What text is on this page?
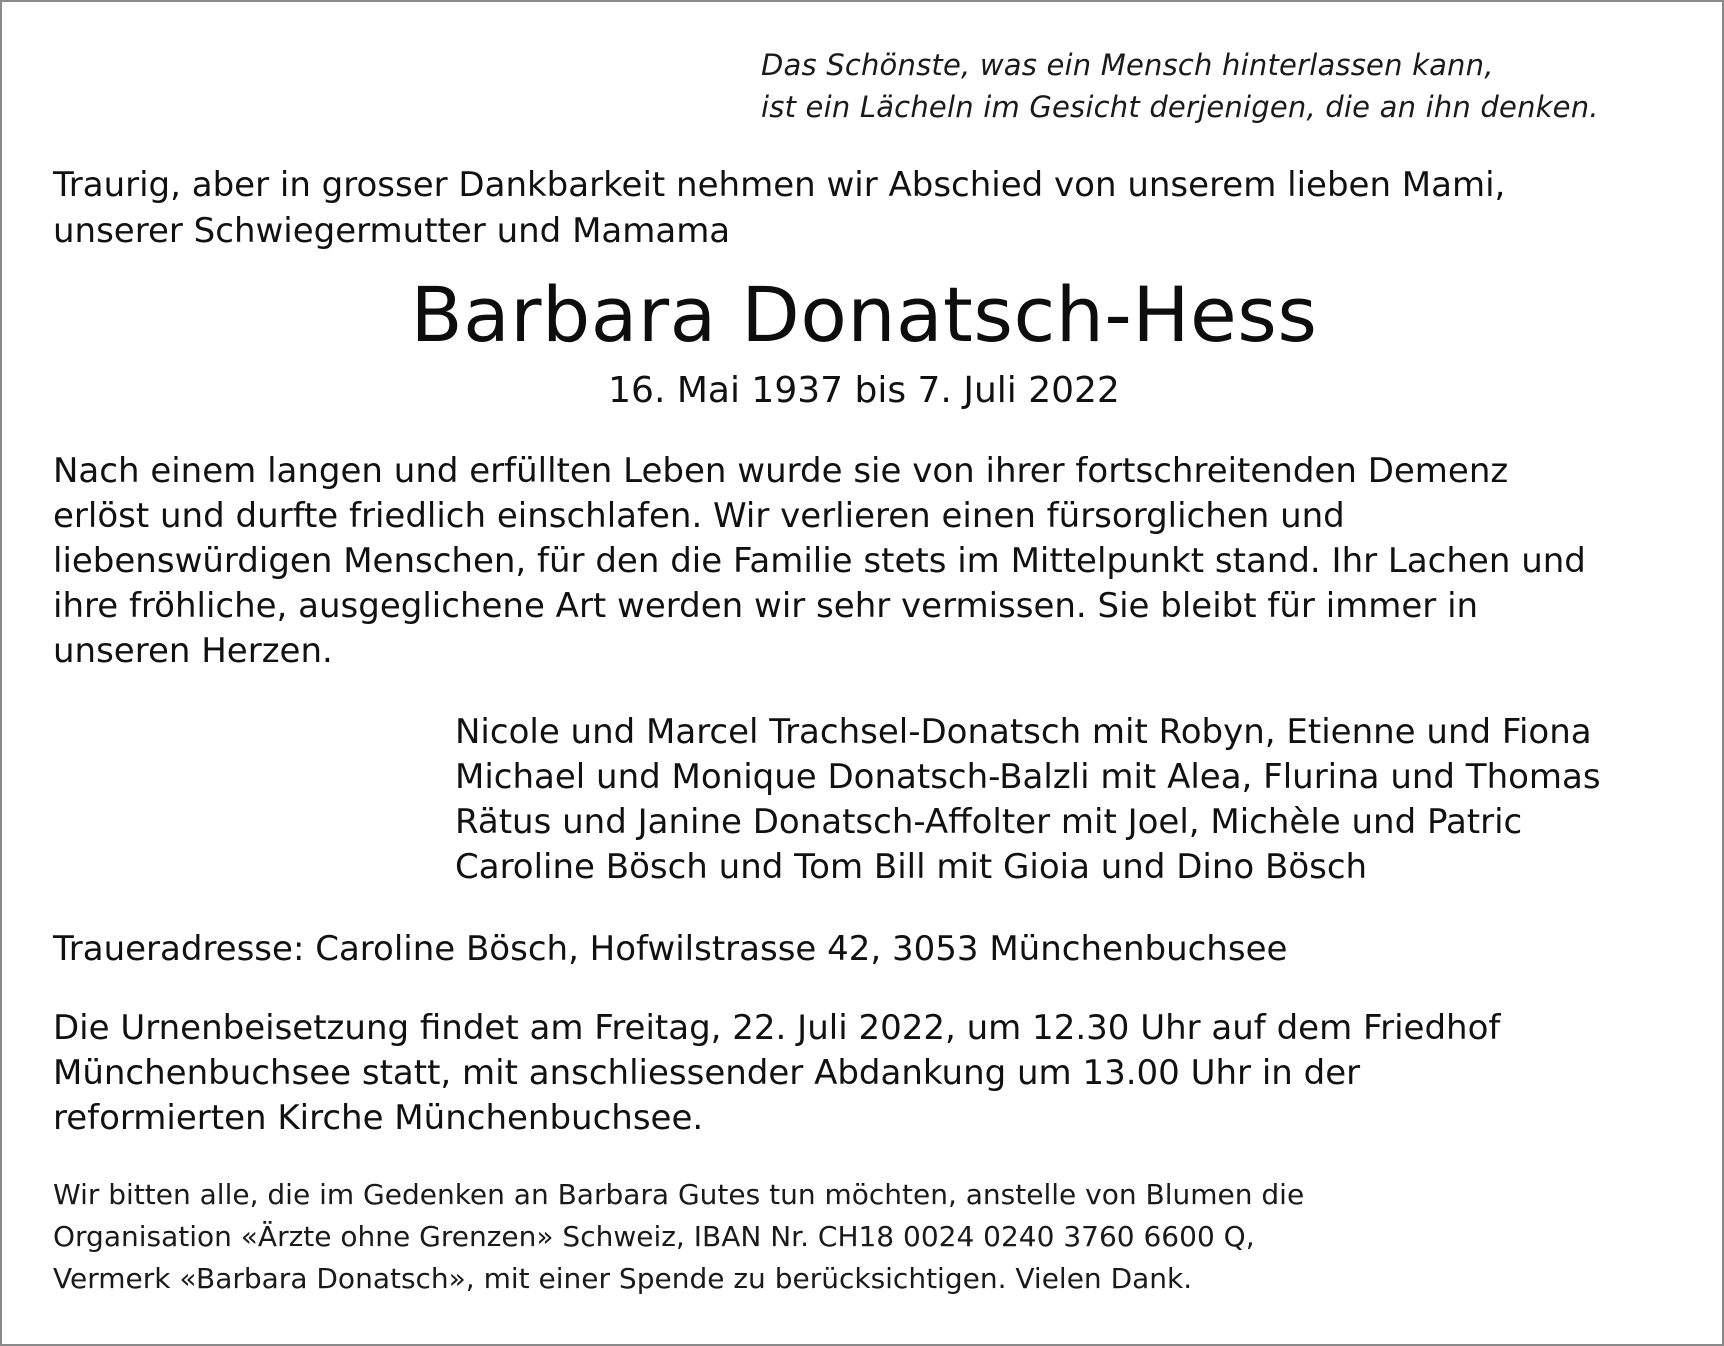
Das Schönste, was ein Mensch hinterlassen kann,
ist ein Lächeln im Gesicht derjenigen, die an ihn denken.
Traurig, aber in grosser Dankbarkeit nehmen wir Abschied von unserem lieben Mami,
unserer Schwiegermutter und Mamama
Barbara Donatsch-Hess
16. Mai 1937 bis 7. Juli 2022
Nach einem langen und erfüllten Leben wurde sie von ihrer fortschreitenden Demenz
erlöst und durfte friedlich einschlafen. Wir verlieren einen fürsorglichen und
liebenswürdigen Menschen, für den die Familie stets im Mittelpunkt stand. Ihr Lachen und
ihre fröhliche, ausgeglichene Art werden wir sehr vermissen. Sie bleibt für immer in
unseren Herzen.
Nicole und Marcel Trachsel-Donatsch mit Robyn, Etienne und Fiona
Michael und Monique Donatsch-Balzli mit Alea, Flurina und Thomas
Rätus und Janine Donatsch-Affolter mit Joel, Michèle und Patric
Caroline Bösch und Tom Bill mit Gioia und Dino Bösch
Traueradresse: Caroline Bösch, Hofwilstrasse 42, 3053 Münchenbuchsee
Die Urnenbeisetzung findet am Freitag, 22. Juli 2022, um 12.30 Uhr auf dem Friedhof
Münchenbuchsee statt, mit anschliessender Abdankung um 13.00 Uhr in der
reformierten Kirche Münchenbuchsee.
Wir bitten alle, die im Gedenken an Barbara Gutes tun möchten, anstelle von Blumen die
Organisation «Ärzte ohne Grenzen» Schweiz, IBAN Nr. CH18 0024 0240 3760 6600 Q,
Vermerk «Barbara Donatsch», mit einer Spende zu berücksichtigen. Vielen Dank.
